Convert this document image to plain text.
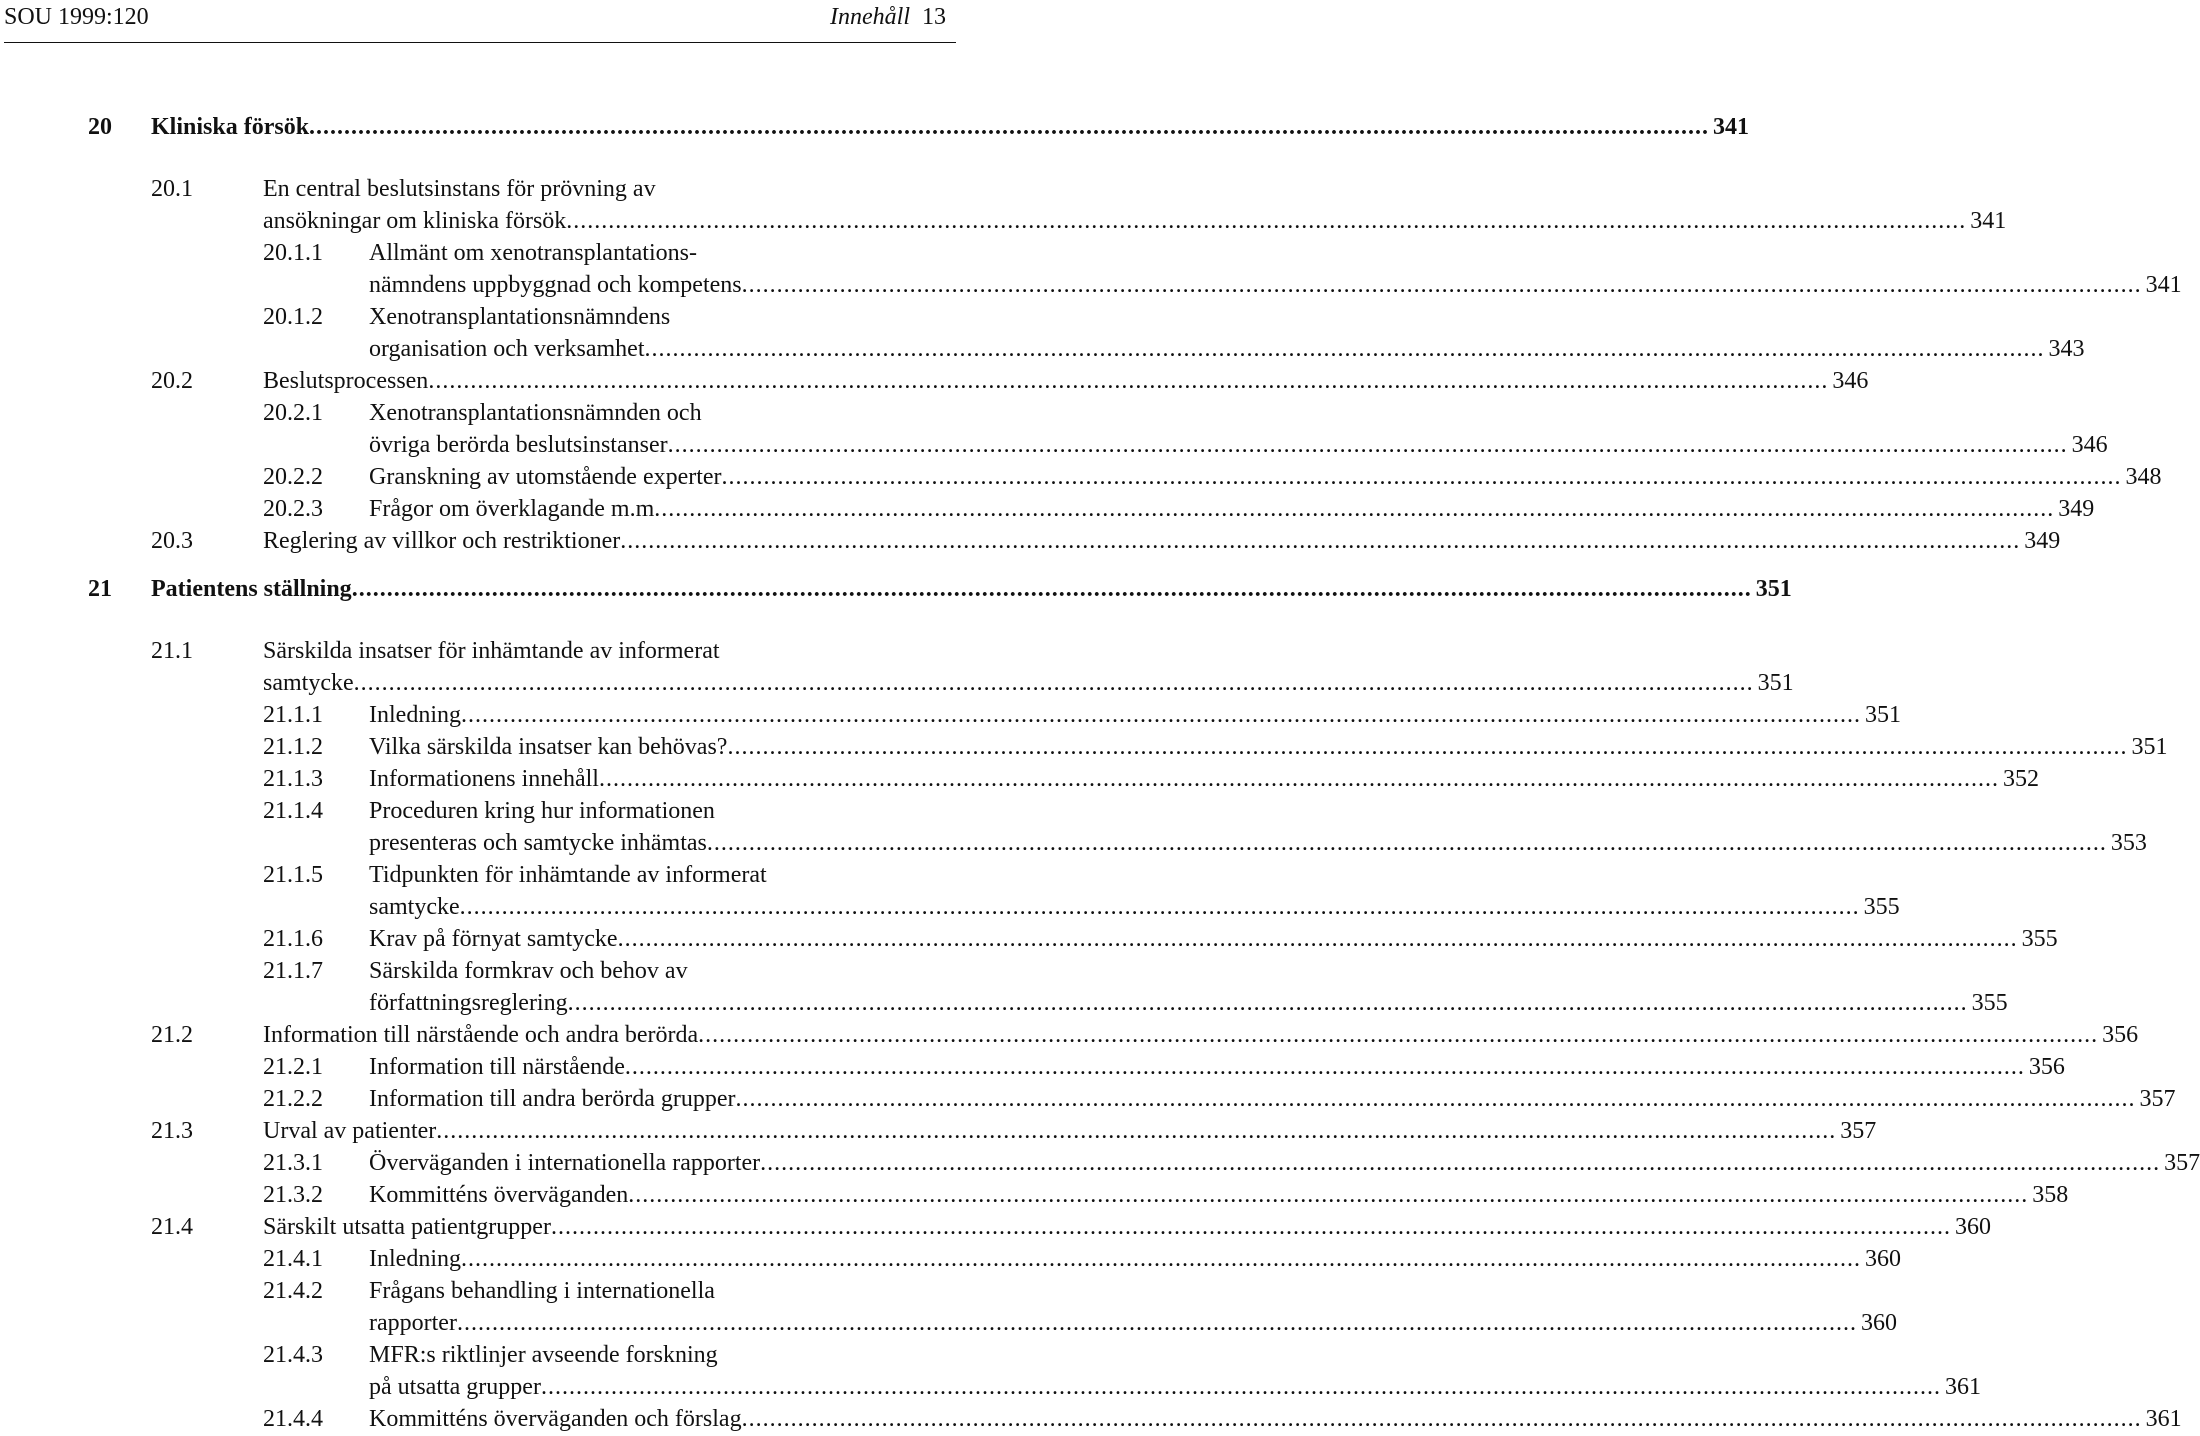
SOU 1999:120	Innehåll 13
20 Kliniska försök ........................................................................................................................................................................................................ 341
20.1	En central beslutsinstans för prövning av
ansökningar om kliniska försök ........................................................................................................................................................................................................ 341
20.1.1 Allmänt om xenotransplantations-
nämndens uppbyggnad och kompetens ........................................................................................................................................................................................................ 341
20.1.2 Xenotransplantationsnämndens
organisation och verksamhet ........................................................................................................................................................................................................ 343
20.2	Beslutsprocessen ........................................................................................................................................................................................................ 346
20.2.1 Xenotransplantationsnämnden och
övriga berörda beslutsinstanser ........................................................................................................................................................................................................ 346
20.2.2 Granskning av utomstående experter ........................................................................................................................................................................................................ 348
20.2.3 Frågor om överklagande m.m ........................................................................................................................................................................................................ 349
20.3	Reglering av villkor och restriktioner ........................................................................................................................................................................................................ 349
21 Patientens ställning ........................................................................................................................................................................................................ 351
21.1	Särskilda insatser för inhämtande av informerat
samtycke ........................................................................................................................................................................................................ 351
21.1.1 Inledning ........................................................................................................................................................................................................ 351
21.1.2 Vilka särskilda insatser kan behövas? ........................................................................................................................................................................................................ 351
21.1.3 Informationens innehåll ........................................................................................................................................................................................................ 352
21.1.4 Proceduren kring hur informationen
presenteras och samtycke inhämtas ........................................................................................................................................................................................................ 353
21.1.5 Tidpunkten för inhämtande av informerat
samtycke ........................................................................................................................................................................................................ 355
21.1.6 Krav på förnyat samtycke ........................................................................................................................................................................................................ 355
21.1.7 Särskilda formkrav och behov av
författningsreglering ........................................................................................................................................................................................................ 355
21.2	Information till närstående och andra berörda ........................................................................................................................................................................................................ 356
21.2.1 Information till närstående ........................................................................................................................................................................................................ 356
21.2.2 Information till andra berörda grupper ........................................................................................................................................................................................................ 357
21.3	Urval av patienter ........................................................................................................................................................................................................ 357
21.3.1 Överväganden i internationella rapporter ........................................................................................................................................................................................................ 357
21.3.2 Kommitténs överväganden ........................................................................................................................................................................................................ 358
21.4	Särskilt utsatta patientgrupper ........................................................................................................................................................................................................ 360
21.4.1 Inledning ........................................................................................................................................................................................................ 360
21.4.2 Frågans behandling i internationella
rapporter ........................................................................................................................................................................................................ 360
21.4.3 MFR:s riktlinjer avseende forskning
på utsatta grupper ........................................................................................................................................................................................................ 361
21.4.4 Kommitténs överväganden och förslag ........................................................................................................................................................................................................ 361
